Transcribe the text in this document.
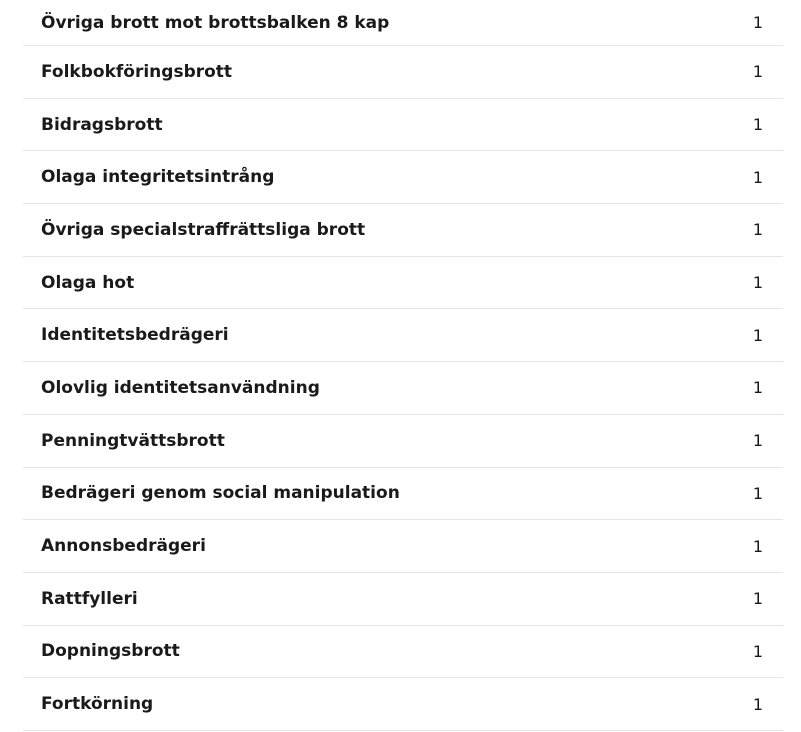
Övriga brott mot brottsbalken 8 kap	1
Folkbokföringsbrott	1
Bidragsbrott	1
Olaga integritetsintrång	1
Övriga specialstraffrättsliga brott	1
Olaga hot	1
Identitetsbedrägeri	1
Olovlig identitetsanvändning	1
Penningtvättsbrott	1
Bedrägeri genom social manipulation	1
Annonsbedrägeri	1
Rattfylleri	1
Dopningsbrott	1
Fortkörning	1
